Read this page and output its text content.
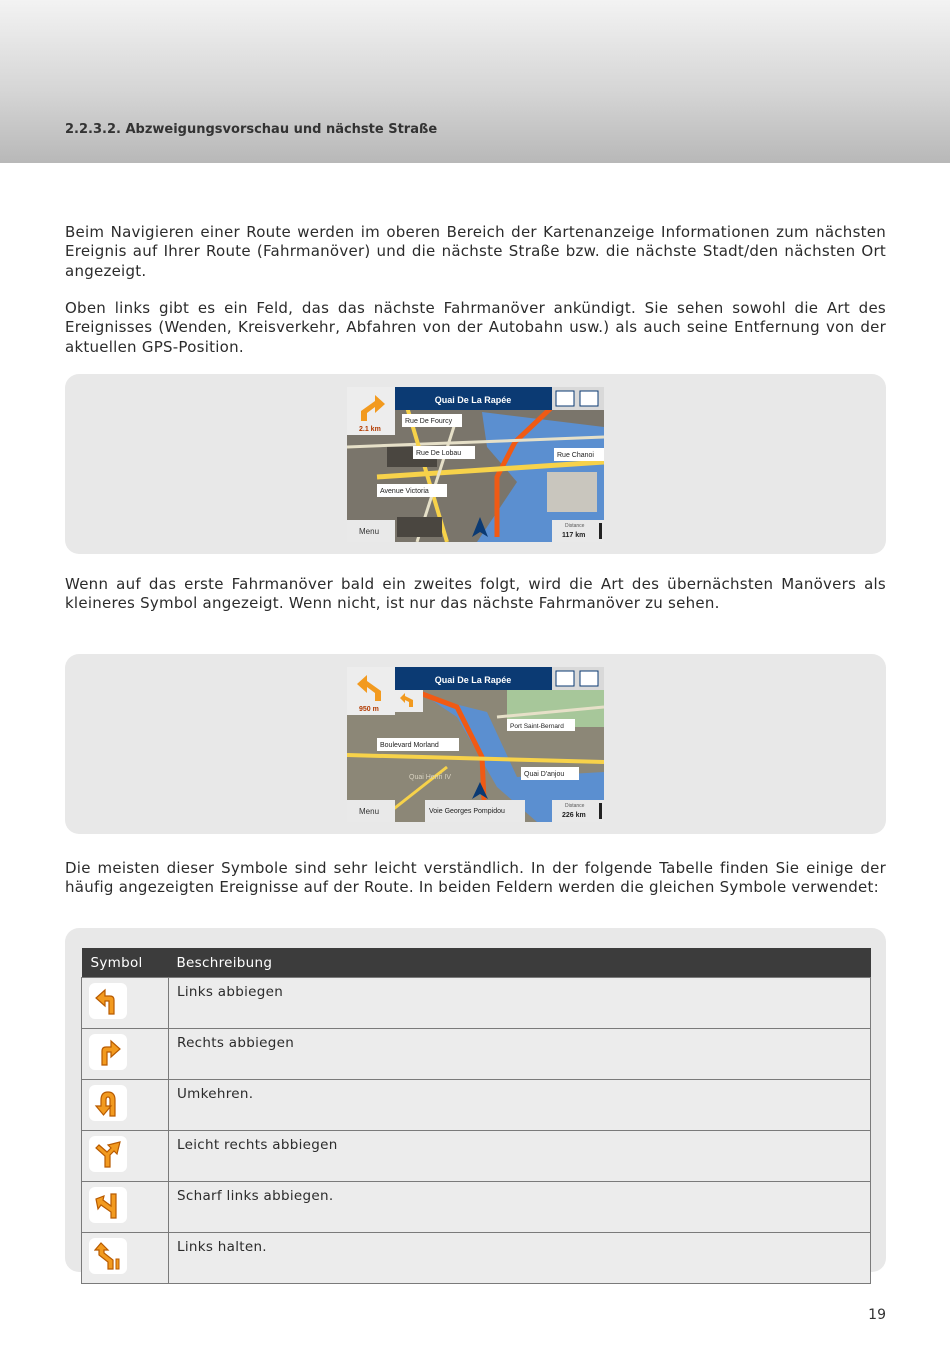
2.2.3.2. Abzweigungsvorschau und nächste Straße

Beim Navigieren einer Route werden im oberen Bereich der Kartenanzeige Informationen zum nächsten Ereignis auf Ihrer Route (Fahrmanöver) und die nächste Straße bzw. die nächste Stadt/den nächsten Ort angezeigt.

Oben links gibt es ein Feld, das das nächste Fahrmanöver ankündigt. Sie sehen sowohl die Art des Ereignisses (Wenden, Kreisverkehr, Abfahren von der Autobahn usw.) als auch seine Entfernung von der aktuellen GPS-Position.

Quai De La Rapée
2.1 km
Rue De Fourcy
Rue De Lobau	Rue Chanoi
Avenue Victoria
Menu
Distance
117 km

Wenn auf das erste Fahrmanöver bald ein zweites folgt, wird die Art des übernächsten Manövers als kleineres Symbol angezeigt. Wenn nicht, ist nur das nächste Fahrmanöver zu sehen.

Quai De La Rapée
950 m
Port Saint-Bernard
Boulevard Morland
Quai Henri IV	Quai D'anjou
Menu	Voie Georges Pompidou
Distance
226 km

Die meisten dieser Symbole sind sehr leicht verständlich. In der folgende Tabelle finden Sie einige der häufig angezeigten Ereignisse auf der Route. In beiden Feldern werden die gleichen Symbole verwendet:

Symbol	Beschreibung

	Links abbiegen

	Rechts abbiegen

	Umkehren.

	Leicht rechts abbiegen

	Scharf links abbiegen.

	Links halten.
19
